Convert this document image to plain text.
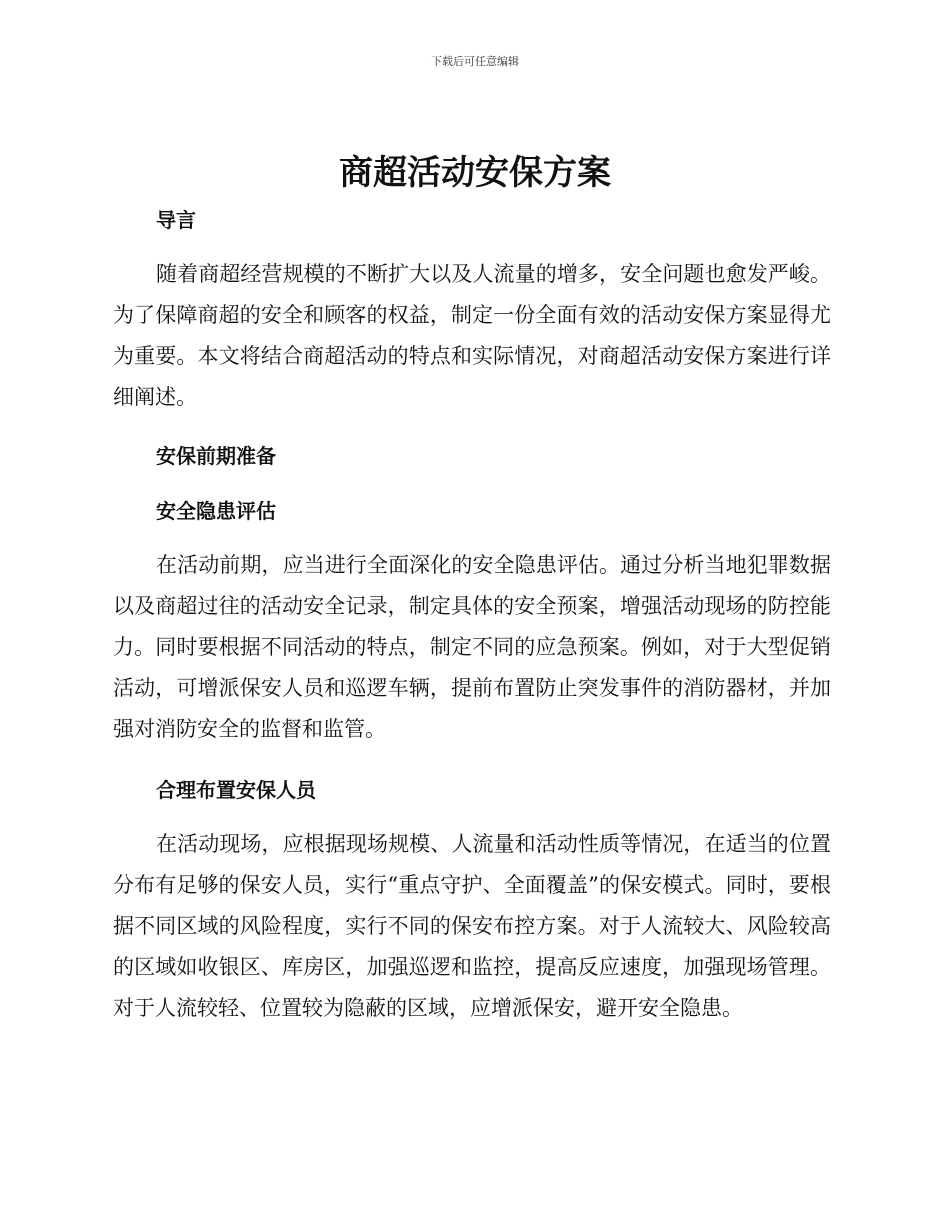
下载后可任意编辑
商超活动安保方案
导言

随着商超经营规模的不断扩大以及人流量的增多，安全问题也愈发严峻。为了保障商超的安全和顾客的权益，制定一份全面有效的活动安保方案显得尤为重要。本文将结合商超活动的特点和实际情况，对商超活动安保方案进行详细阐述。

安保前期准备
安全隐患评估

在活动前期，应当进行全面深化的安全隐患评估。通过分析当地犯罪数据以及商超过往的活动安全记录，制定具体的安全预案，增强活动现场的防控能力。同时要根据不同活动的特点，制定不同的应急预案。例如，对于大型促销活动，可增派保安人员和巡逻车辆，提前布置防止突发事件的消防器材，并加强对消防安全的监督和监管。

合理布置安保人员

在活动现场，应根据现场规模、人流量和活动性质等情况，在适当的位置分布有足够的保安人员，实行“重点守护、全面覆盖”的保安模式。同时，要根据不同区域的风险程度，实行不同的保安布控方案。对于人流较大、风险较高的区域如收银区、库房区，加强巡逻和监控，提高反应速度，加强现场管理。对于人流较轻、位置较为隐蔽的区域，应增派保安，避开安全隐患。
